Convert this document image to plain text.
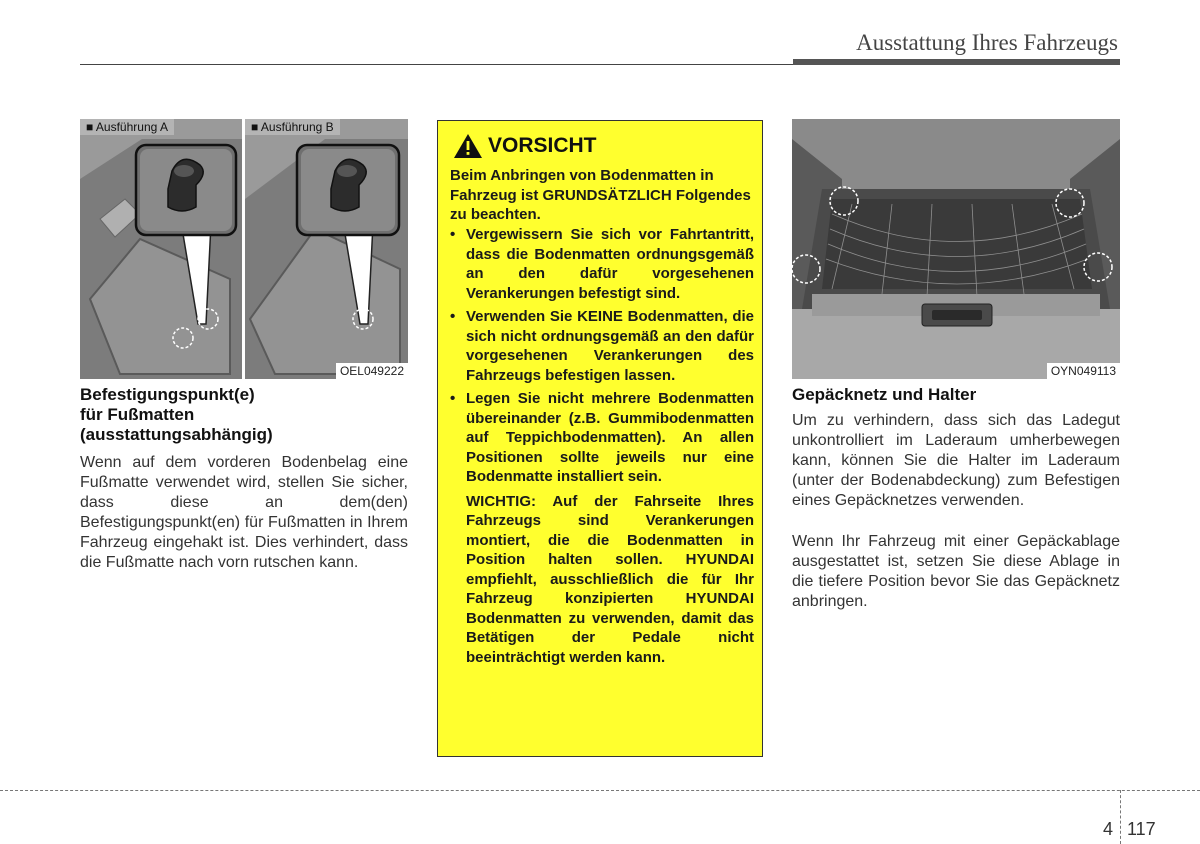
Ausstattung Ihres Fahrzeugs
■ Ausführung A	■ Ausführung B
OEL049222
Befestigungspunkt(e)
für Fußmatten
(ausstattungsabhängig)

Wenn auf dem vorderen Bodenbelag eine Fußmatte verwendet wird, stellen Sie sicher, dass diese an dem(den) Befestigungspunkt(en) für Fußmatten in Ihrem Fahrzeug eingehakt ist. Dies verhindert, dass die Fußmatte nach vorn rutschen kann.

VORSICHT

Beim Anbringen von Bodenmatten in Fahrzeug ist GRUNDSÄTZLICH Folgendes zu beachten.

• Vergewissern Sie sich vor Fahrtantritt, dass die Bodenmatten ordnungsgemäß an den dafür vorgesehenen Verankerungen befestigt sind.
• Verwenden Sie KEINE Bodenmatten, die sich nicht ordnungsgemäß an den dafür vorgesehenen Verankerungen des Fahrzeugs befestigen lassen.
• Legen Sie nicht mehrere Bodenmatten übereinander (z.B. Gummibodenmatten auf Teppichbodenmatten). An allen Positionen sollte jeweils nur eine Bodenmatte installiert sein.
WICHTIG: Auf der Fahrseite Ihres Fahrzeugs sind Verankerungen montiert, die die Bodenmatten in Position halten sollen. HYUNDAI empfiehlt, ausschließlich die für Ihr Fahrzeug konzipierten HYUNDAI Bodenmatten zu verwenden, damit das Betätigen der Pedale nicht beeinträchtigt werden kann.
OYN049113
Gepäcknetz und Halter

Um zu verhindern, dass sich das Ladegut unkontrolliert im Laderaum umherbewegen kann, können Sie die Halter im Laderaum (unter der Bodenabdeckung) zum Befestigen eines Gepäcknetzes verwenden.

Wenn Ihr Fahrzeug mit einer Gepäckablage ausgestattet ist, setzen Sie diese Ablage in die tiefere Position bevor Sie das Gepäcknetz anbringen.

4 117
